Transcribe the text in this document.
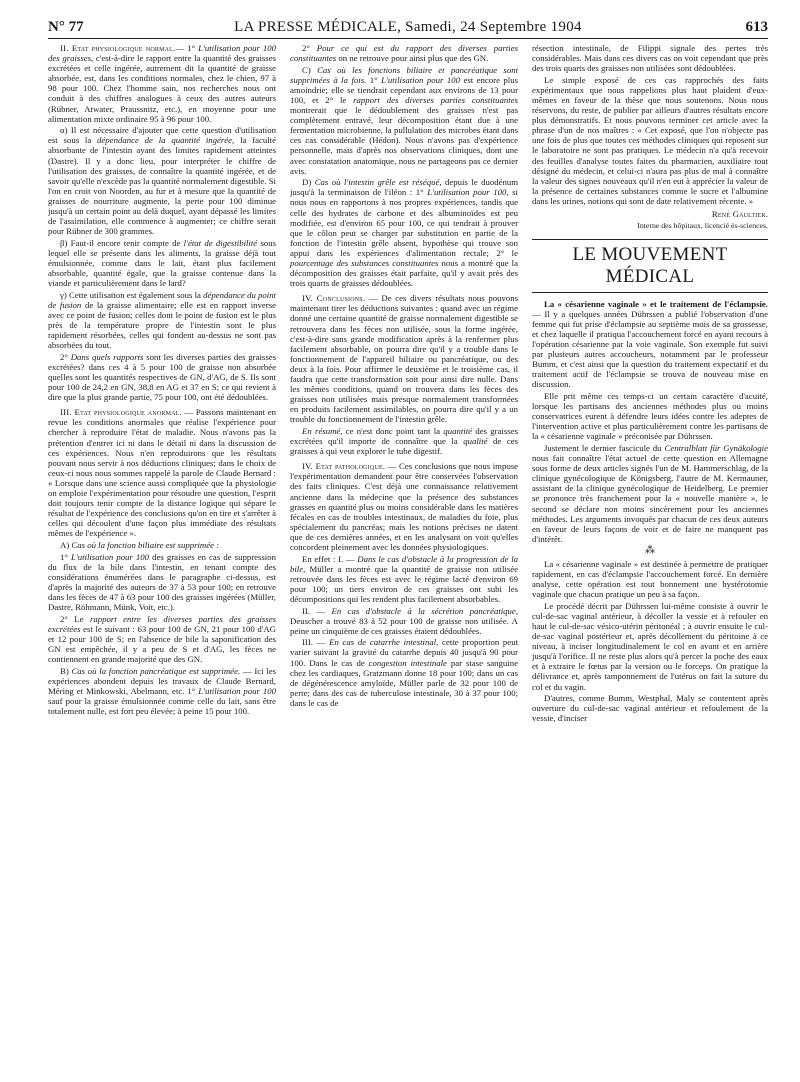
N° 77	LA PRESSE MÉDICALE, Samedi, 24 Septembre 1904	613

II. Etat physiologique normal.— 1° L'utilisation pour 100 des graisses, c'est-à-dire le rapport entre la quantité des graisses excrétées et celle ingérée, autrement dit la quantité de graisse absorbée, est, dans les conditions normales, chez le chien, 97 à 98 pour 100. Chez l'homme sain, nos recherches nous ont conduit à des chiffres analogues à ceux des autres auteurs (Rübner, Atwater, Praussnitz, etc.), en moyenne pour une alimentation mixte ordinaire 95 à 96 pour 100.

α) Il est nécessaire d'ajouter que cette question d'utilisation est sous la dépendance de la quantité ingérée, la faculté absorbante de l'intestin ayant des limites rapidement atteintes (Dastre). Il y a donc lieu, pour interpréter le chiffre de l'utilisation des graisses, de connaître la quantité ingérée, et de savoir qu'elle n'excède pas la quantité normalement digestible. Si l'on en croit von Noorden, au fur et à mesure que la quantité de graisses de nourriture augmente, la perte pour 100 diminue jusqu'à un certain point au delà duquel, ayant dépassé les limites de l'assimilation, elle commence à augmenter; ce chiffre serait pour Rübner de 300 grammes.

β) Faut-il encore tenir compte de l'état de digestibilité sous lequel elle se présente dans les aliments, la graisse déjà tout émulsionnée, comme dans le lait, étant plus facilement absorbable, quantité égale, que la graisse contenue dans la viande et particulièrement dans le lard?

γ) Cette utilisation est également sous la dépendance du point de fusion de la graisse alimentaire; elle est en rapport inverse avec ce point de fusion; celles dont le point de fusion est le plus près de la température propre de l'intestin sont le plus rapidement résorbées, celles qui fondent au-dessus ne sont pas absorbées du tout.

2° Dans quels rapports sont les diverses parties des graisses excrétées? dans ces 4 à 5 pour 100 de graisse non absorbée quelles sont les quantités respectives de GN, d'AG, de S. Ils sont pour 100 de 24,2 en GN, 38,8 en AG et 37 en S; ce qui revient à dire que la plus grande partie, 75 pour 100, ont été dédoublées.

III. Etat physiologique anormal. — Passons maintenant en revue les conditions anormales que réalise l'expérience pour chercher à reproduire l'état de maladie. Nous n'avons pas la prétention d'entrer ici ni dans le détail ni dans la discussion de ces expériences. Nous n'en reproduirons que les résultats pouvant nous servir à nos déductions cliniques; dans le choix de ceux-ci nous nous sommes rappelé la parole de Claude Bernard : « Lorsque dans une science aussi compliquée que la physiologie on emploie l'expérimentation pour résoudre une question, l'esprit doit toujours tenir compte de la distance logique qui sépare le résultat de l'expérience des conclusions qu'on en tire et s'arrêter à celles qui découlent d'une façon plus immédiate des résultats mêmes de l'expérience ».

A) Cas où la fonction biliaire est supprimée :

1° L'utilisation pour 100 des graisses en cas de suppression du flux de la bile dans l'intestin, en tenant compte des considérations énumérées dans le paragraphe ci-dessus, est d'après la majorité des auteurs de 37 à 53 pour 100; en retrouve dans les fèces de 47 à 63 pour 100 des graisses ingérées (Müller, Dastre, Röhmann, Münk, Voit, etc.).

2° Le rapport entre les diverses parties des graisses excrétées est le suivant : 63 pour 100 de GN, 21 pour 100 d'AG et 12 pour 100 de S; en l'absence de bile la saponification des GN est empêchée, il y a peu de S et d'AG, les fèces ne contiennent en grande majorité que des GN.

B) Cas où la fonction pancréatique est supprimée. — Ici les expériences abondent depuis les travaux de Claude Bernard, Méring et Minkowski, Abelmann, etc. 1° L'utilisation pour 100 sauf pour la graisse émulsionnée comme celle du lait, sans être totalement nulle, est fort peu élevée; à peine 15 pour 100.

2° Pour ce qui est du rapport des diverses parties constituantes on ne retrouve pour ainsi plus que des GN.

C) Cas où les fonctions biliaire et pancréatique sont supprimées à la fois. 1° L'utilisation pour 100 est encore plus amoindrie; elle se tiendrait cependant aux environs de 13 pour 100, et 2° le rapport des diverses parties constituantes montrerait que le dédoublement des graisses n'est pas complètement entravé, leur décomposition étant due à une fermentation microbienne, la pullulation des microbes étant dans ces cas considérable (Hédon). Nous n'avons pas d'expérience personnelle, mais d'après nos observations cliniques, dont une avec constatation anatomique, nous ne partageons pas ce dernier avis.

D) Cas où l'intestin grêle est réséqué, depuis le duodénum jusqu'à la terminaison de l'iléon : 1° L'utilisation pour 100, si nous nous en rapportons à nos propres expériences, tandis que celle des hydrates de carbone et des albuminoïdes est peu modifiée, est d'environ 65 pour 100, ce qui tendrait à prouver que le côlon peut se charger par substitution en partie de la fonction de l'intestin grêle absent, hypothèse qui trouve son appui dans les expériences d'alimentation rectale; 2° le pourcentage des substances constituantes nous a montré que la décomposition des graisses était parfaite, qu'il y avait près des trois quarts de graisses dédoublées.

IV. Conclusions. — De ces divers résultats nous pouvons maintenant tirer les déductions suivantes : quand avec un régime donné une certaine quantité de graisse normalement digestible se retrouvera dans les fèces non utilisée, sous la forme ingérée, c'est-à-dire sans grande modification après à la renfermer plus facilement absorbable, on pourra dire qu'il y a trouble dans le fonctionnement de l'appareil biliaire ou pancréatique, ou des deux à la fois. Pour affirmer le deuxième et le troisième cas, il faudra que cette transformation soit pour ainsi dire nulle. Dans les mêmes conditions, quand on trouvera dans les fèces des graisses non utilisées mais presque normalement transformées en produits facilement assimilables, on pourra dire qu'il y a un trouble du fonctionnement de l'intestin grêle.

En résumé, ce n'est donc point tant la quantité des graisses excrétées qu'il importe de connaître que la qualité de ces graisses à qui veut explorer le tube digestif.

IV. Etat pathologique. — Ces conclusions que nous impose l'expérimentation demandent pour être conservées l'observation des faits cliniques. C'est déjà une connaissance relativement ancienne dans la médecine que la présence des substances grasses en quantité plus ou moins considérable dans les matières fécales en cas de troubles intestinaux, de maladies du foie, plus spécialement du pancréas; mais les notions précises ne datent que de ces dernières années, et en les analysant on voit qu'elles concordent pleinement avec les données physiologiques.

En effet : I. — Dans le cas d'obstacle à la progression de la bile, Müller a montré que la quantité de graisse non utilisée retrouvée dans les fèces est avec le régime lacté d'environ 69 pour 100; un tiers environ de ces graisses ont subi les décompositions qui les rendent plus facilement absorbables.

II. — En cas d'obstacle à la sécrétion pancréatique, Deuscher a trouvé 83 à 52 pour 100 de graisse non utilisée. A peine un cinquième de ces graisses étaient dédoublées.

III. — En cas de catarrhe intestinal, cette proportion peut varier suivant la gravité du catarrhe depuis 40 jusqu'à 90 pour 100. Dans le cas de congestion intestinale par stase sanguine chez les cardiaques, Gratzmann donne 18 pour 100; dans un cas de dégénérescence amyloïde, Müller parle de 32 pour 100 de perte; dans des cas de tuberculose intestinale, 30 à 37 pour 100; dans le cas de

résection intestinale, de Filippi signale des pertes très considérables. Mais dans ces divers cas on voit cependant que près des trois quarts des graisses non utilisées sont dédoublées.

Le simple exposé de ces cas rapprochés des faits expérimentaux que nous rappelions plus haut plaident d'eux-mêmes en faveur de la thèse que nous soutenons. Nous nous réservons, du reste, de publier par ailleurs d'autres résultats encore plus démonstratifs. Et nous pouvons terminer cet article avec la phrase d'un de nos maîtres : « Cet exposé, que l'on n'objecte pas une fois de plus que toutes ces méthodes cliniques qui reposent sur le laboratoire ne sont pas pratiques. Le médecin n'a qu'à recevoir des feuilles d'analyse toutes faites du pharmacien, auxiliaire tout désigné du médecin, et celui-ci n'aura pas plus de mal à connaître la valeur des signes nouveaux qu'il n'en eut à apprécier la valeur de la présence de certaines substances comme le sucre et l'albumine dans les urines, notions qui sont de date relativement récente. »

René Gaultier.

Interne des hôpitaux, licencié ès-sciences.

LE MOUVEMENT MÉDICAL

La « césarienne vaginale » et le traitement de l'éclampsie. — Il y a quelques années Dührssen a publié l'observation d'une femme qui fut prise d'éclampsie au septième mois de sa grossesse, et chez laquelle il pratiqua l'accouchement forcé en ayant recours à l'opération césarienne par la voie vaginale. Son exemple fut suivi par plusieurs autres accoucheurs, notamment par le professeur Bumm, et c'est ainsi que la question du traitement expectatif et du traitement actif de l'éclampsie se trouva de nouveau mise en discussion.

Elle prit même ces temps-ci un certain caractère d'acuité, lorsque les partisans des anciennes méthodes plus ou moins conservatrices eurent à défendre leurs idées contre les adeptes de l'intervention active et plus particulièrement contre les partisans de la « césarienne vaginale » préconisée par Dührssen.

Justement le dernier fascicule du Centralblatt für Gynäkologie nous fait connaître l'état actuel de cette question en Allemagne sous forme de deux articles signés l'un de M. Hammerschlag, de la clinique gynécologique de Königsberg, l'autre de M. Kermauner, assistant de la clinique gynécologique de Heidelberg. Le premier se prononce très franchement pour la « nouvelle manière », le second se déclare non moins sincèrement pour les anciennes méthodes. Les arguments invoqués par chacun de ces deux auteurs en faveur de leurs façons de voir et de faire ne manquent pas d'intérêt.

⁂

La « césarienne vaginale » est destinée à permettre de pratiquer rapidement, en cas d'éclampsie l'accouchement forcé. En dernière analyse, cette opération est tout bonnement une hystérotomie vaginale que chacun pratique un peu à sa façon.

Le procédé décrit par Dührssen lui-même consiste à ouvrir le cul-de-sac vaginal antérieur, à décoller la vessie et à refouler en haut le cul-de-sac vésico-utérin péritonéal ; à ouvrir ensuite le cul-de-sac vaginal postérieur et, après décollement du péritoine à ce niveau, à inciser longitudinalement le col en avant et en arrière jusqu'à l'orifice. Il ne reste plus alors qu'à percer la poche des eaux et à extraire le fœtus par la version ou le forceps. On pratique la délivrance et, après tamponnement de l'utérus on fait la suture du col et du vagin.

D'autres, comme Bumm, Westphal, Maly se contentent après ouverture du cul-de-sac vaginal antérieur et refoulement de la vessie, d'inciser
